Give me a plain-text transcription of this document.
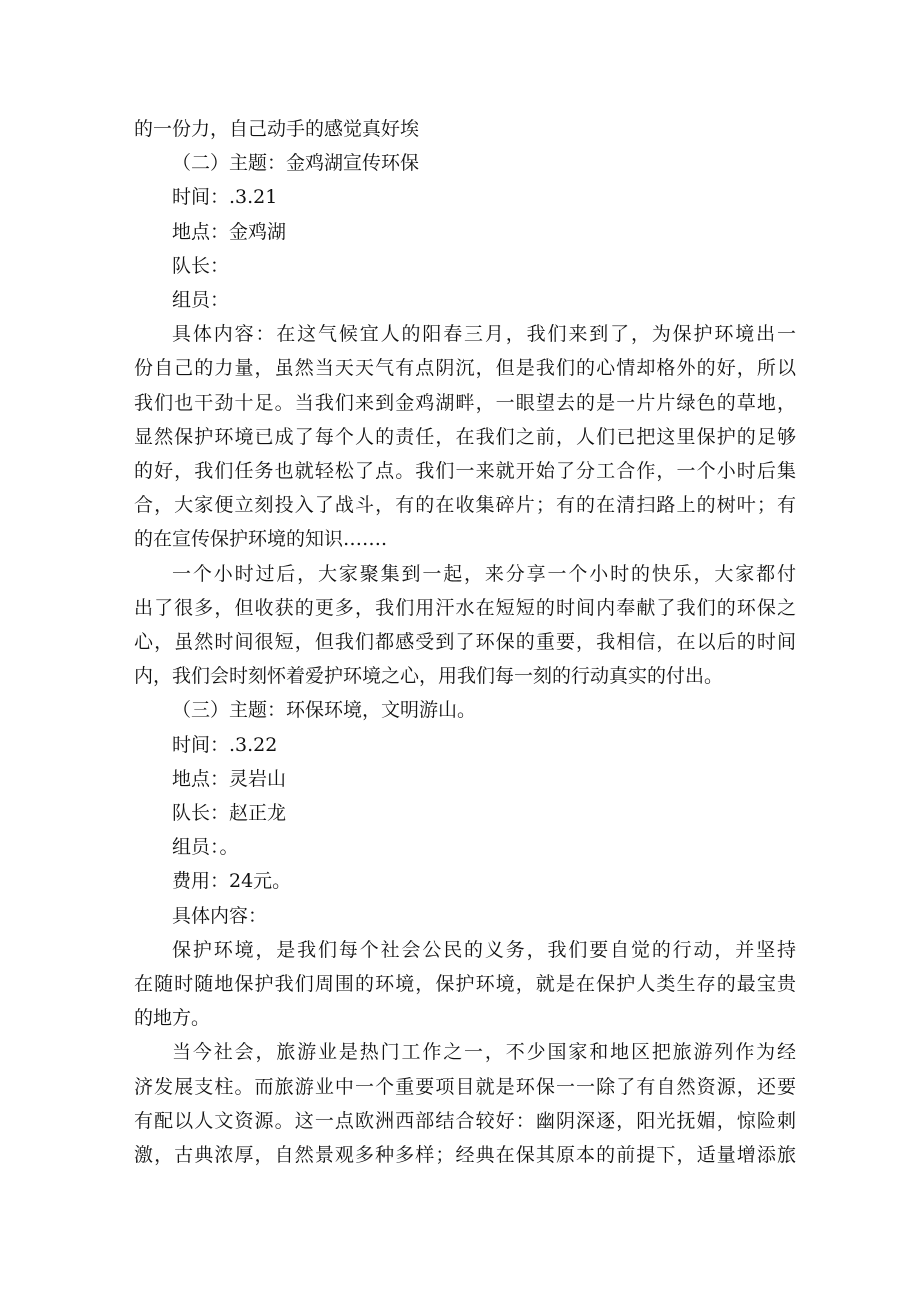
的一份力，自己动手的感觉真好埃
（二）主题：金鸡湖宣传环保
时间：.3.21
地点：金鸡湖
队长：
组员：
具体内容：在这气候宜人的阳春三月，我们来到了，为保护环境出一
份自己的力量，虽然当天天气有点阴沉，但是我们的心情却格外的好，所以
我们也干劲十足。当我们来到金鸡湖畔，一眼望去的是一片片绿色的草地，
显然保护环境已成了每个人的责任，在我们之前，人们已把这里保护的足够
的好，我们任务也就轻松了点。我们一来就开始了分工合作，一个小时后集
合，大家便立刻投入了战斗，有的在收集碎片；有的在清扫路上的树叶；有
的在宣传保护环境的知识…….
一个小时过后，大家聚集到一起，来分享一个小时的快乐，大家都付
出了很多，但收获的更多，我们用汗水在短短的时间内奉献了我们的环保之
心，虽然时间很短，但我们都感受到了环保的重要，我相信，在以后的时间
内，我们会时刻怀着爱护环境之心，用我们每一刻的行动真实的付出。
（三）主题：环保环境，文明游山。
时间：.3.22
地点：灵岩山
队长：赵正龙
组员：。
费用：24元。
具体内容：
保护环境，是我们每个社会公民的义务，我们要自觉的行动，并坚持
在随时随地保护我们周围的环境，保护环境，就是在保护人类生存的最宝贵
的地方。
当今社会，旅游业是热门工作之一，不少国家和地区把旅游列作为经
济发展支柱。而旅游业中一个重要项目就是环保一一除了有自然资源，还要
有配以人文资源。这一点欧洲西部结合较好：幽阴深逐，阳光抚媚，惊险刺
激，古典浓厚，自然景观多种多样；经典在保其原本的前提下，适量增添旅
